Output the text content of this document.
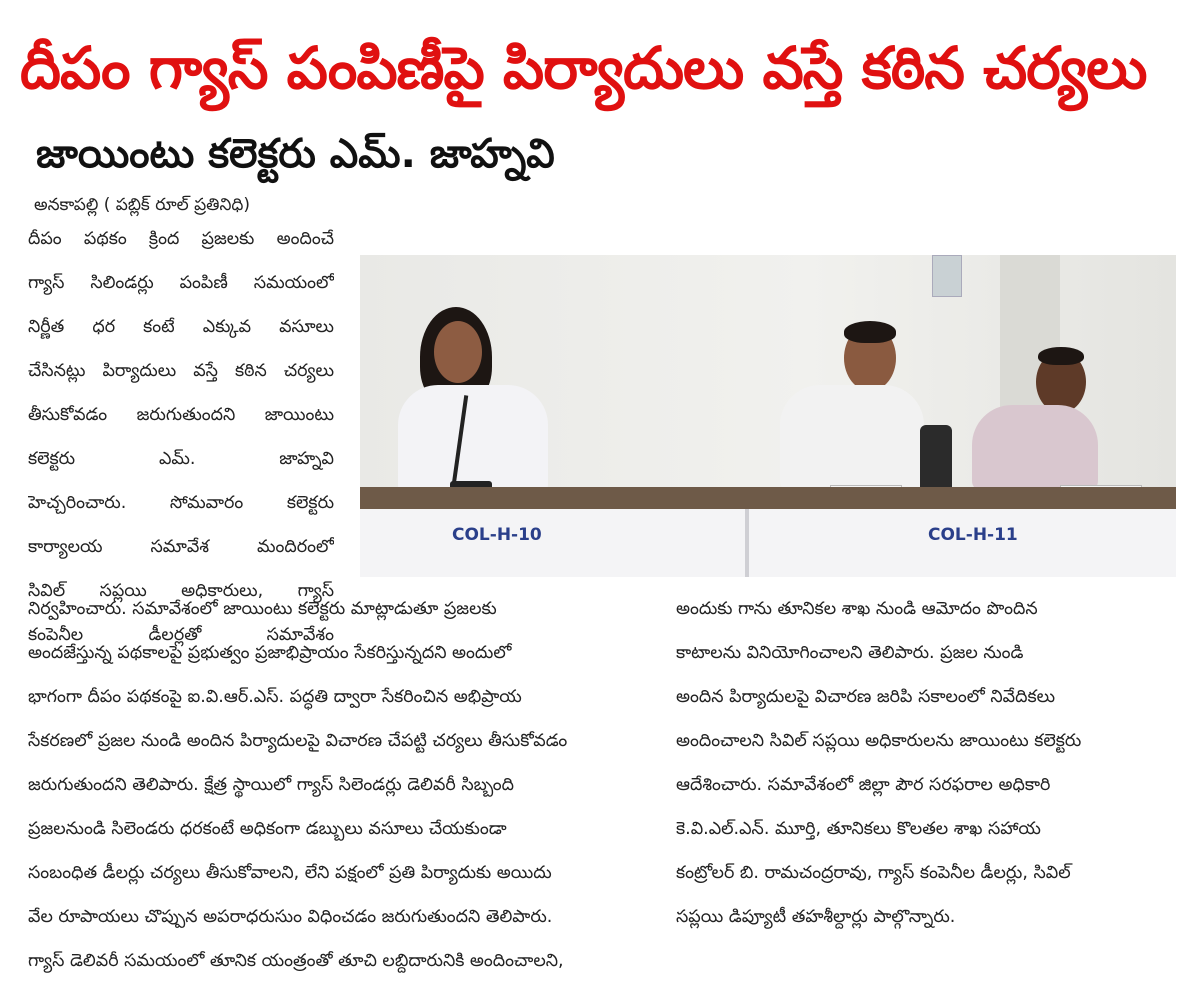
దీపం గ్యాస్ పంపిణీపై పిర్యాదులు వస్తే కఠిన చర్యలు
జాయింటు కలెక్టరు ఎమ్. జాహ్నవి
అనకాపల్లి ( పబ్లిక్ రూల్ ప్రతినిధి)
దీపం పథకం క్రింద ప్రజలకు అందించే
గ్యాస్ సిలిండర్లు పంపిణీ సమయంలో
నిర్ణీత ధర కంటే ఎక్కువ వసూలు
చేసినట్లు పిర్యాదులు వస్తే కఠిన చర్యలు
తీసుకోవడం జరుగుతుందని జాయింటు
కలెక్టరు ఎమ్. జాహ్నవి
హెచ్చరించారు. సోమవారం కలెక్టరు
కార్యాలయ సమావేశ మందిరంలో
సివిల్ సప్లయి అధికారులు, గ్యాస్
కంపెనీల డీలర్లతో సమావేశం
COL-H-10	COL-H-11
నిర్వహించారు. సమావేశంలో జాయింటు కలెక్టరు మాట్లాడుతూ ప్రజలకు
అందజేస్తున్న పథకాలపై ప్రభుత్వం ప్రజాభిప్రాయం సేకరిస్తున్నదని అందులో
భాగంగా దీపం పథకంపై ఐ.వి.ఆర్.ఎస్. పద్ధతి ద్వారా సేకరించిన అభిప్రాయ
సేకరణలో ప్రజల నుండి అందిన పిర్యాదులపై విచారణ చేపట్టి చర్యలు తీసుకోవడం
జరుగుతుందని తెలిపారు. క్షేత్ర స్థాయిలో గ్యాస్ సిలెండర్లు డెలివరీ సిబ్బంది
ప్రజలనుండి సిలెండరు ధరకంటే అధికంగా డబ్బులు వసూలు చేయకుండా
సంబంధిత డీలర్లు చర్యలు తీసుకోవాలని, లేని పక్షంలో ప్రతి పిర్యాదుకు అయిదు
వేల రూపాయలు చొప్పున అపరాధరుసుం విధించడం జరుగుతుందని తెలిపారు.
గ్యాస్ డెలివరీ సమయంలో తూనిక యంత్రంతో తూచి లబ్దిదారునికి అందించాలని,
అందుకు గాను తూనికల శాఖ నుండి ఆమోదం పొందిన
కాటాలను వినియోగించాలని తెలిపారు. ప్రజల నుండి
అందిన పిర్యాదులపై విచారణ జరిపి సకాలంలో నివేదికలు
అందించాలని సివిల్ సప్లయి అధికారులను జాయింటు కలెక్టరు
ఆదేశించారు. సమావేశంలో జిల్లా పౌర సరఫరాల అధికారి
కె.వి.ఎల్.ఎన్. మూర్తి, తూనికలు కొలతల శాఖ సహాయ
కంట్రోలర్ బి. రామచంద్రరావు, గ్యాస్ కంపెనీల డీలర్లు, సివిల్
సప్లయి డిప్యూటీ తహశీల్దార్లు పాల్గొన్నారు.
